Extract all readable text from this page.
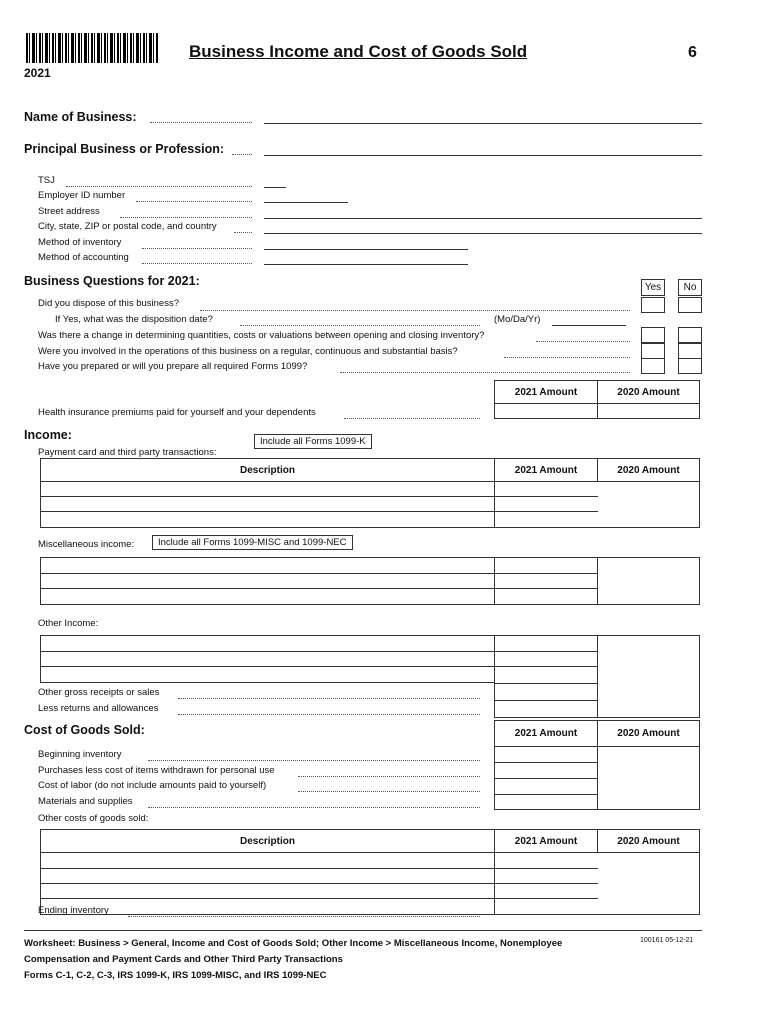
2021
Business Income and Cost of Goods Sold	6
Name of Business:
Principal Business or Profession:
TSJ
Employer ID number
Street address
City, state, ZIP or postal code, and country
Method of inventory
Method of accounting
Business Questions for 2021:	Yes	No
Did you dispose of this business?
If Yes, what was the disposition date?	(Mo/Da/Yr)
Was there a change in determining quantities, costs or valuations between opening and closing inventory?
Were you involved in the operations of this business on a regular, continuous and substantial basis?
Have you prepared or will you prepare all required Forms 1099?
2021 Amount	2020 Amount
Health insurance premiums paid for yourself and your dependents
Income:	Include all Forms 1099-K
Payment card and third party transactions:
Description	2021 Amount	2020 Amount
Miscellaneous income:	Include all Forms 1099-MISC and 1099-NEC
Other Income:
Other gross receipts or sales
Less returns and allowances
Cost of Goods Sold:	2021 Amount	2020 Amount
Beginning inventory
Purchases less cost of items withdrawn for personal use
Cost of labor (do not include amounts paid to yourself)
Materials and supplies
Other costs of goods sold:
Description	2021 Amount	2020 Amount
Ending inventory
Worksheet: Business > General, Income and Cost of Goods Sold; Other Income > Miscellaneous Income, Nonemployee
Compensation and Payment Cards and Other Third Party Transactions
Forms C-1, C-2, C-3, IRS 1099-K, IRS 1099-MISC, and IRS 1099-NEC
100161 05-12-21
